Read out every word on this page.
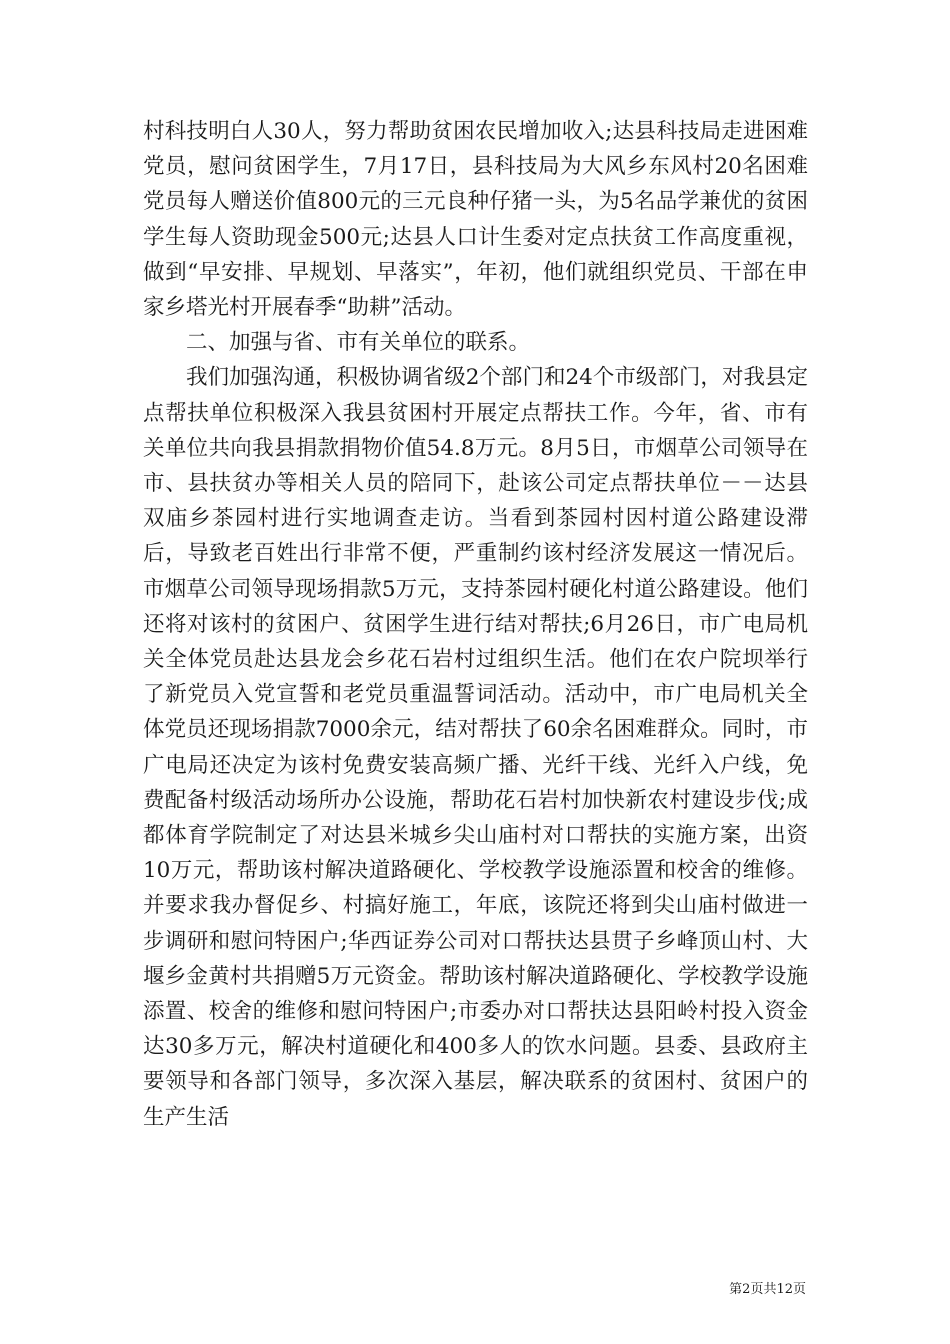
村科技明白人30人，努力帮助贫困农民增加收入;达县科技局走进困难党员，慰问贫困学生，7月17日，县科技局为大风乡东风村20名困难党员每人赠送价值800元的三元良种仔猪一头，为5名品学兼优的贫困学生每人资助现金500元;达县人口计生委对定点扶贫工作高度重视，做到“早安排、早规划、早落实”，年初，他们就组织党员、干部在申家乡塔光村开展春季“助耕”活动。

二、加强与省、市有关单位的联系。

我们加强沟通，积极协调省级2个部门和24个市级部门，对我县定点帮扶单位积极深入我县贫困村开展定点帮扶工作。今年，省、市有关单位共向我县捐款捐物价值54.8万元。8月5日，市烟草公司领导在市、县扶贫办等相关人员的陪同下，赴该公司定点帮扶单位－－达县双庙乡茶园村进行实地调查走访。当看到茶园村因村道公路建设滞后，导致老百姓出行非常不便，严重制约该村经济发展这一情况后。市烟草公司领导现场捐款5万元，支持茶园村硬化村道公路建设。他们还将对该村的贫困户、贫困学生进行结对帮扶;6月26日，市广电局机关全体党员赴达县龙会乡花石岩村过组织生活。他们在农户院坝举行了新党员入党宣誓和老党员重温誓词活动。活动中，市广电局机关全体党员还现场捐款7000余元，结对帮扶了60余名困难群众。同时，市广电局还决定为该村免费安装高频广播、光纤干线、光纤入户线，免费配备村级活动场所办公设施，帮助花石岩村加快新农村建设步伐;成都体育学院制定了对达县米城乡尖山庙村对口帮扶的实施方案，出资10万元，帮助该村解决道路硬化、学校教学设施添置和校舍的维修。并要求我办督促乡、村搞好施工，年底，该院还将到尖山庙村做进一步调研和慰问特困户;华西证券公司对口帮扶达县贯子乡峰顶山村、大堰乡金黄村共捐赠5万元资金。帮助该村解决道路硬化、学校教学设施添置、校舍的维修和慰问特困户;市委办对口帮扶达县阳岭村投入资金达30多万元，解决村道硬化和400多人的饮水问题。县委、县政府主要领导和各部门领导，多次深入基层，解决联系的贫困村、贫困户的生产生活

第2页共12页
